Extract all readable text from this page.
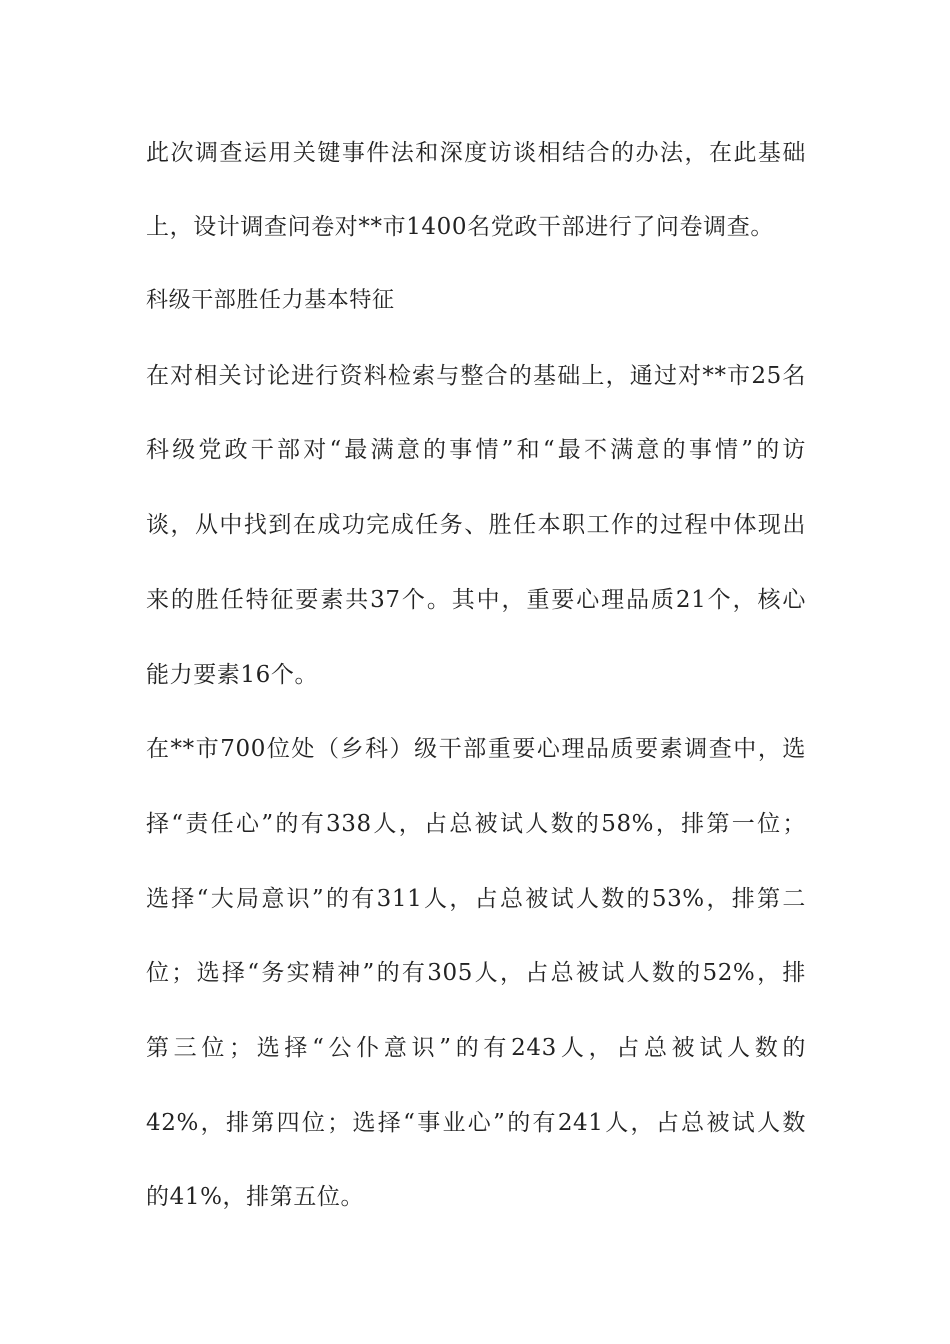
此次调查运用关键事件法和深度访谈相结合的办法，在此基础
上，设计调查问卷对**市1400名党政干部进行了问卷调查。
科级干部胜任力基本特征
在对相关讨论进行资料检索与整合的基础上，通过对**市25名
科级党政干部对“最满意的事情”和“最不满意的事情”的访
谈，从中找到在成功完成任务、胜任本职工作的过程中体现出
来的胜任特征要素共37个。其中，重要心理品质21个，核心
能力要素16个。
在**市700位处（乡科）级干部重要心理品质要素调查中，选
择“责任心”的有338人，占总被试人数的58%，排第一位；
选择“大局意识”的有311人，占总被试人数的53%，排第二
位；选择“务实精神”的有305人，占总被试人数的52%，排
第三位；选择“公仆意识”的有243人，占总被试人数的
42%，排第四位；选择“事业心”的有241人，占总被试人数
的41%，排第五位。
